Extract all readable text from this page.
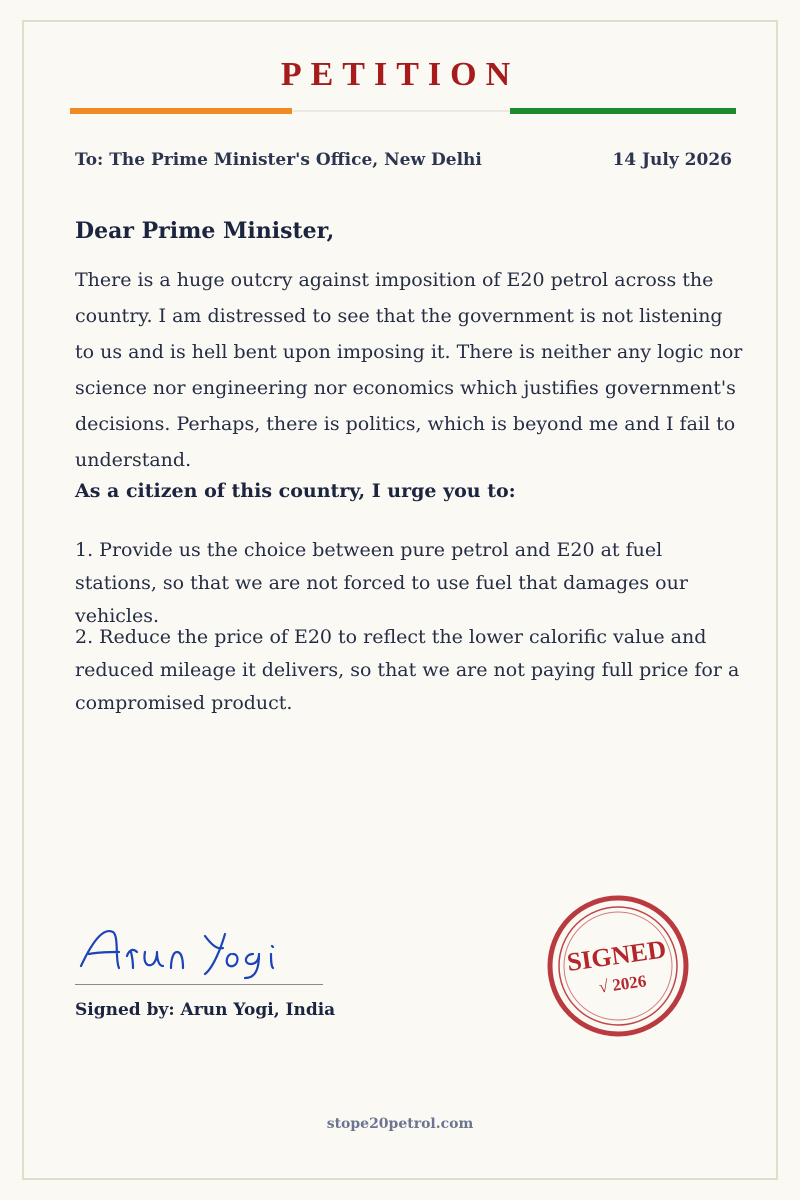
PETITION
To: The Prime Minister's Office, New Delhi	14 July 2026
Dear Prime Minister,

There is a huge outcry against imposition of E20 petrol across the country. I am distressed to see that the government is not listening to us and is hell bent upon imposing it. There is neither any logic nor science nor engineering nor economics which justifies government's decisions. Perhaps, there is politics, which is beyond me and I fail to understand.

As a citizen of this country, I urge you to:

1. Provide us the choice between pure petrol and E20 at fuel stations, so that we are not forced to use fuel that damages our vehicles.

2. Reduce the price of E20 to reflect the lower calorific value and reduced mileage it delivers, so that we are not paying full price for a compromised product.

Arun Yogi
Signed by: Arun Yogi, India
SIGNED
√ 2026
stope20petrol.com
